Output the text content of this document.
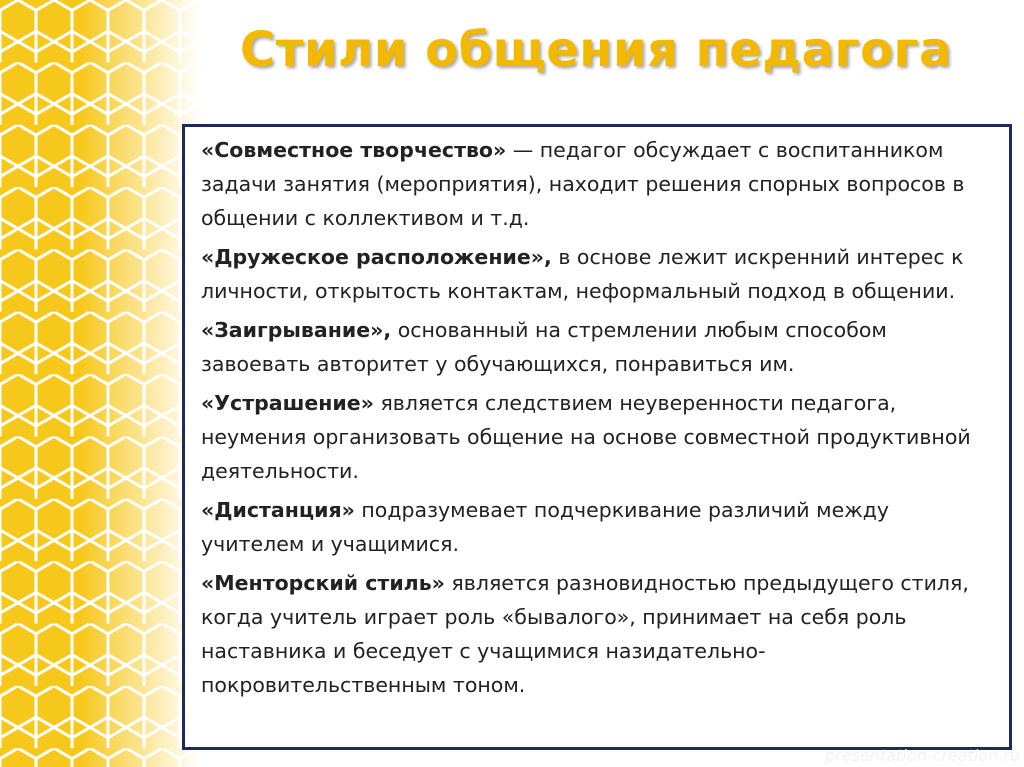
Стили общения педагога

«Совместное творчество» — педагог обсуждает с воспитанником задачи занятия (мероприятия), находит решения спорных вопросов в общении с коллективом и т.д.

«Дружеское расположение», в основе лежит искренний интерес к личности, открытость контактам, неформальный подход в общении.

«Заигрывание», основанный на стремлении любым способом завоевать авторитет у обучающихся, понравиться им.

«Устрашение» является следствием неуверенности педагога, неумения организовать общение на основе совместной продуктивной деятельности.

«Дистанция» подразумевает подчеркивание различий между учителем и учащимися.

«Менторский стиль» является разновидностью предыдущего стиля, когда учитель играет роль «бывалого», принимает на себя роль наставника и беседует с учащимися назидательно-покровительственным тоном.

presentation-creation.ru
